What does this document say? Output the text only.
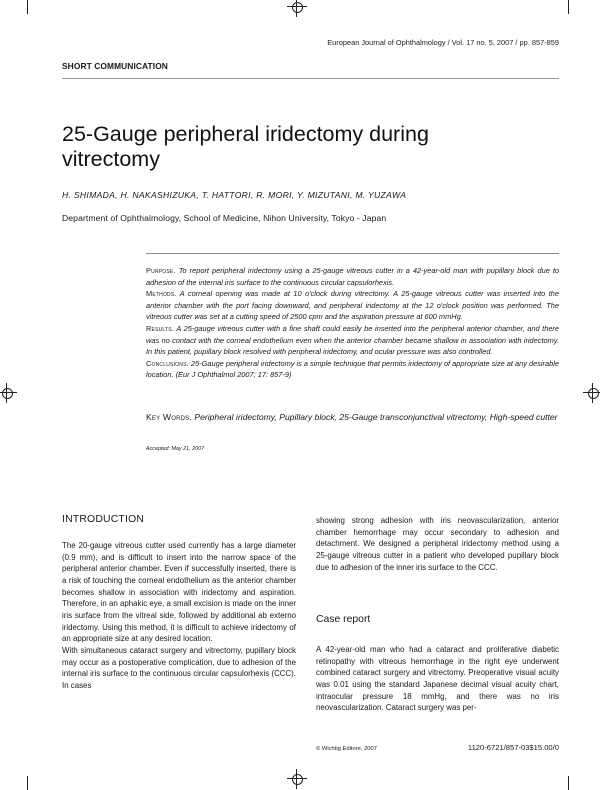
European Journal of Ophthalmology / Vol. 17 no. 5, 2007 / pp. 857-859
SHORT COMMUNICATION
25-Gauge peripheral iridectomy during vitrectomy
H. SHIMADA, H. NAKASHIZUKA, T. HATTORI, R. MORI, Y. MIZUTANI, M. YUZAWA
Department of Ophthalmology, School of Medicine, Nihon University, Tokyo - Japan

Purpose. To report peripheral iridectomy using a 25-gauge vitreous cutter in a 42-year-old man with pupillary block due to adhesion of the internal iris surface to the continuous circular capsulorhexis.

Methods. A corneal opening was made at 10 o'clock during vitrectomy. A 25-gauge vitreous cutter was inserted into the anterior chamber with the port facing downward, and peripheral iridectomy at the 12 o'clock position was performed. The vitreous cutter was set at a cutting speed of 2500 cpm and the aspiration pressure at 600 mmHg.

Results. A 25-gauge vitreous cutter with a fine shaft could easily be inserted into the peripheral anterior chamber, and there was no contact with the corneal endothelium even when the anterior chamber became shallow in association with iridectomy. In this patient, pupillary block resolved with peripheral iridectomy, and ocular pressure was also controlled.

Conclusions. 25-Gauge peripheral iridectomy is a simple technique that permits iridectomy of appropriate size at any desirable location. (Eur J Ophthalmol 2007; 17: 857-9)

Key Words. Peripheral iridectomy, Pupillary block, 25-Gauge transconjunctival vitrectomy, High-speed cutter
Accepted: May 21, 2007
INTRODUCTION

The 20-gauge vitreous cutter used currently has a large diameter (0.9 mm), and is difficult to insert into the narrow space of the peripheral anterior chamber. Even if successfully inserted, there is a risk of touching the corneal endothelium as the anterior chamber becomes shallow in association with iridectomy and aspiration. Therefore, in an aphakic eye, a small excision is made on the inner iris surface from the vitreal side, followed by additional ab externo iridectomy. Using this method, it is difficult to achieve iridectomy of an appropriate size at any desired location.

With simultaneous cataract surgery and vitrectomy, pupillary block may occur as a postoperative complication, due to adhesion of the internal iris surface to the continuous circular capsulorhexis (CCC). In cases

showing strong adhesion with iris neovascularization, anterior chamber hemorrhage may occur secondary to adhesion and detachment. We designed a peripheral iridectomy method using a 25-gauge vitreous cutter in a patient who developed pupillary block due to adhesion of the inner iris surface to the CCC.

Case report

A 42-year-old man who had a cataract and proliferative diabetic retinopathy with vitreous hemorrhage in the right eye underwent combined cataract surgery and vitrectomy. Preoperative visual acuity was 0.01 using the standard Japanese decimal visual acuity chart, intraocular pressure 18 mmHg, and there was no iris neovascularization. Cataract surgery was per-

© Wichtig Editore, 2007	1120-6721/857-03$15.00/0
